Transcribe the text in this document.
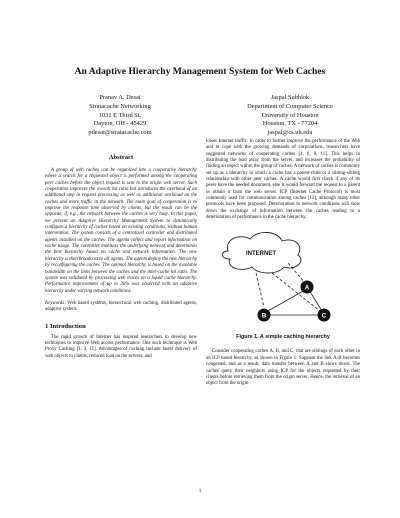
An Adaptive Hierarchy Management System for Web Caches
Pranav A. Desai
Stratacache Networking
1031 E Third St.
Dayton, OH - 45429
pdesai@stratacache.com
Jaspal Subhlok
Department of Computer Science
University of Houston
Houston, TX - 77204
jaspal@cs.uh.edu
Abstract

A group of web caches can be organized into a cooperative hierarchy where a search for a requested object is performed among the cooperating peer caches before the object request is sent to the origin web server. Such cooperation improves the overall hit ratio but introduces the overhead of an additional step in request processing as well as additional workload on the caches and more traffic in the network. The main goal of cooperation is to improve the response time observed by clients, but the result can be the opposite, if, e.g., the network between the caches is very busy. In this paper, we present an Adaptive Hierarchy Management System to dynamically configure a hierarchy of caches based on existing conditions, without human intervention. The system consists of a centralized controller and distributed agents installed on the caches. The agents collect and report information on cache usage. The controller monitors the underlying network and determines the best hierarchy based on cache and network information. The new hierarchy is then broadcast to all agents. The agents deploy the new hierarchy by reconfiguring the caches. The optimal hierarchy is based on the available bandwidth on the links between the caches and the inter-cache hit ratio. The system was validated by processing web traces on a Squid cache hierarchy. Performance improvement of up to 30% was observed with an adaptive hierarchy under varying network conditions.

Keywords: Web based systems, hierarchical web caching, distributed agents, adaptive system.

1 Introduction

The rapid growth of Internet has inspired researchers to develop new techniques to improve Web access performance. One such technique is Web Proxy Caching [1, 3, 11]. Advantages of caching include faster delivery of web objects to clients, reduced load on the servers, and

lower Internet traffic. In order to further improve the performance of the Web and to cope with the growing demands of corporations, researchers have suggested networks of cooperating caches [4, 6, 8, 11]. This helps in distributing the load away from the server, and increases the probability of finding an object within the group of caches. A network of caches is commonly set up as a hierarchy in which a cache has a parent-child or a sibling-sibling relationship with other peer caches. A cache would first check if any of its peers have the needed document, else it would forward the request to a parent or obtain it from the web server. ICP (Internet Cache Protocol) is most commonly used for communication among caches [12], although many other protocols have been proposed. Deterioration in network conditions will slow down the exchange of information between the caches leading to a deterioration of performance in the cache hierarchy.

INTERNET
A
B	C
Figure 1. A simple caching hierarchy

Consider cooperating caches A, B, and C, that are siblings of each other in an ICP based hierarchy, as shown in Figure 1. Suppose the link A-B becomes congested, and as a result, data transfer between A and B slows down. The caches query their neighbors using ICP for the objects requested by their clients before retrieving them from the origin server. Hence, the retrieval of an object from the origin

1
